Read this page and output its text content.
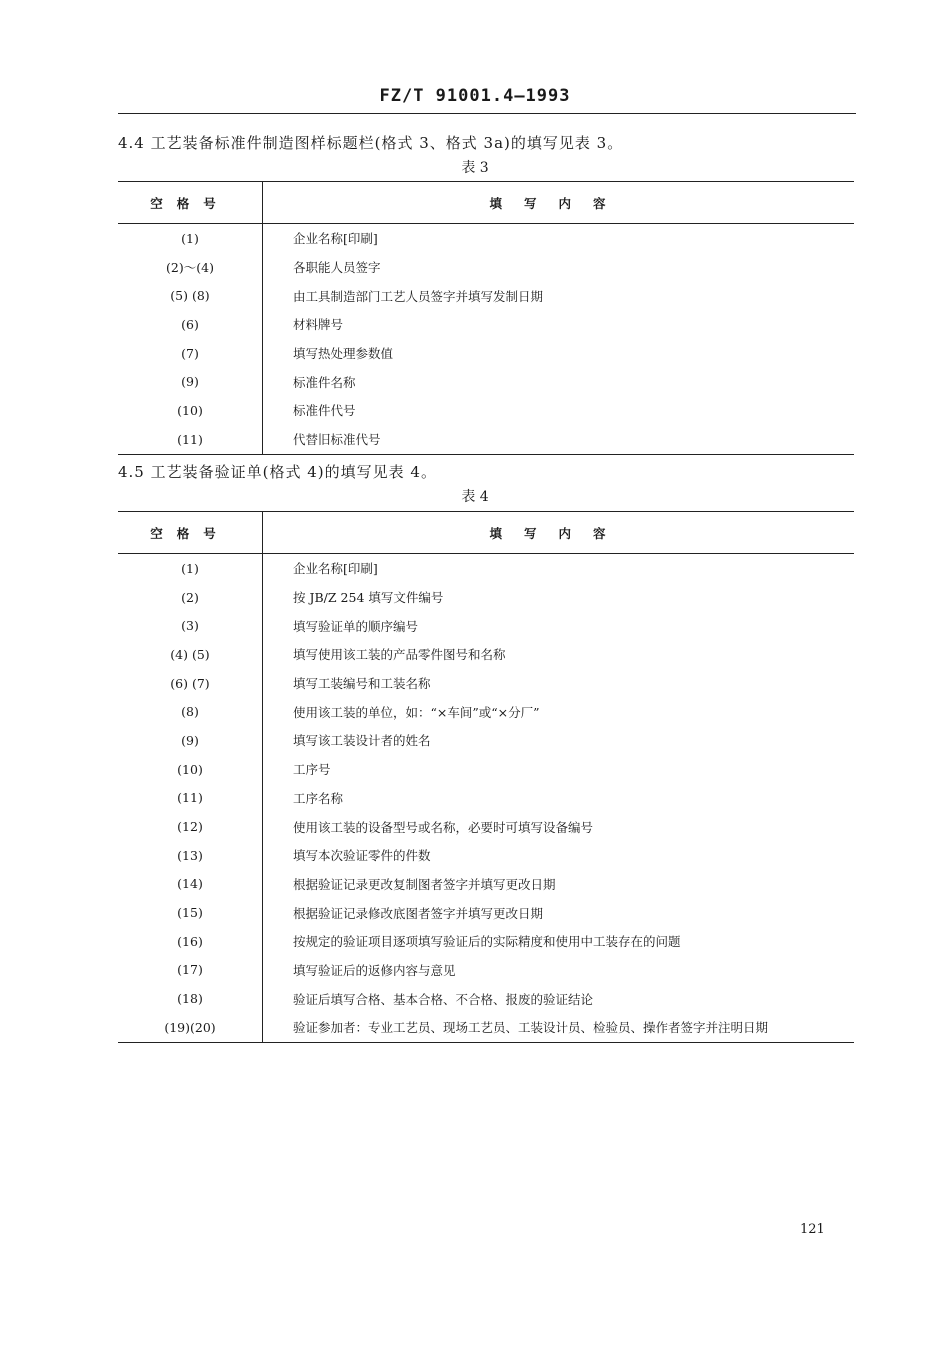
FZ/T 91001.4—1993
4.4 工艺装备标准件制造图样标题栏(格式 3、格式 3a)的填写见表 3。
表 3
空格号	填写内容
(1)	企业名称[印刷]
(2)～(4)	各职能人员签字
(5) (8)	由工具制造部门工艺人员签字并填写发制日期
(6)	材料牌号
(7)	填写热处理参数值
(9)	标准件名称
(10)	标准件代号
(11)	代替旧标准代号
4.5 工艺装备验证单(格式 4)的填写见表 4。
表 4
空格号	填写内容
(1)	企业名称[印刷]
(2)	按 JB/Z 254 填写文件编号
(3)	填写验证单的顺序编号
(4) (5)	填写使用该工装的产品零件图号和名称
(6) (7)	填写工装编号和工装名称
(8)	使用该工装的单位，如：“×车间”或“×分厂”
(9)	填写该工装设计者的姓名
(10)	工序号
(11)	工序名称
(12)	使用该工装的设备型号或名称，必要时可填写设备编号
(13)	填写本次验证零件的件数
(14)	根据验证记录更改复制图者签字并填写更改日期
(15)	根据验证记录修改底图者签字并填写更改日期
(16)	按规定的验证项目逐项填写验证后的实际精度和使用中工装存在的问题
(17)	填写验证后的返修内容与意见
(18)	验证后填写合格、基本合格、不合格、报废的验证结论
(19)(20)	验证参加者：专业工艺员、现场工艺员、工装设计员、检验员、操作者签字并注明日期
121
